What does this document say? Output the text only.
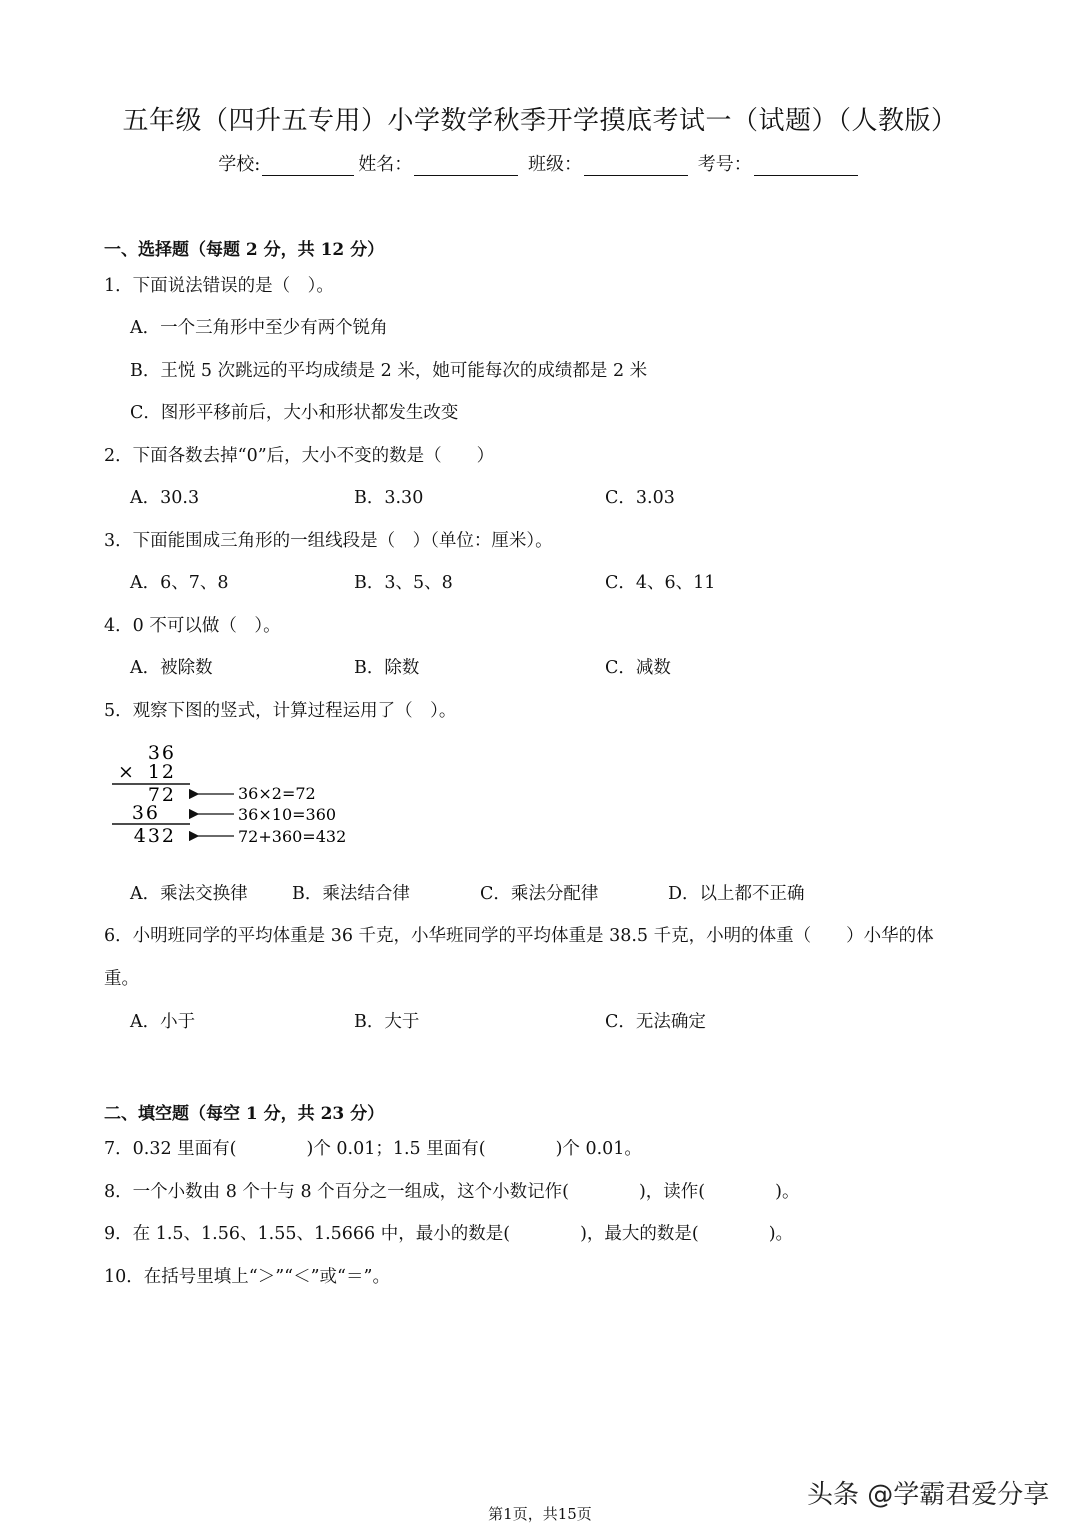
五年级（四升五专用）小学数学秋季开学摸底考试一（试题）（人教版）
学校:	姓名：	班级：	考号：
一、选择题（每题 2 分，共 12 分）
1．下面说法错误的是（　）。
A．一个三角形中至少有两个锐角
B．王悦 5 次跳远的平均成绩是 2 米，她可能每次的成绩都是 2 米
C．图形平移前后，大小和形状都发生改变
2．下面各数去掉“0”后，大小不变的数是（　　）
A．30.3	B．3.30	C．3.03
3．下面能围成三角形的一组线段是（　）（单位：厘米）。
A．6、7、8	B．3、5、8	C．4、6、11
4．0 不可以做（　）。
A．被除数	B．除数	C．减数
5．观察下图的竖式，计算过程运用了（　）。
36
× 12
72
36
432
36×2=72
36×10=360
72+360=432
A．乘法交换律	B．乘法结合律	C．乘法分配律	D．以上都不正确
6．小明班同学的平均体重是 36 千克，小华班同学的平均体重是 38.5 千克，小明的体重（　　）小华的体
重。
A．小于	B．大于	C．无法确定
二、填空题（每空 1 分，共 23 分）
7．0.32 里面有(　　　　)个 0.01；1.5 里面有(　　　　)个 0.01。
8．一个小数由 8 个十与 8 个百分之一组成，这个小数记作(　　　　)，读作(　　　　)。
9．在 1.5、1.56、1.55、1.5666 中，最小的数是(　　　　)，最大的数是(　　　　)。
10．在括号里填上“＞”“＜”或“＝”。
头条 @学霸君爱分享
第1页，共15页
